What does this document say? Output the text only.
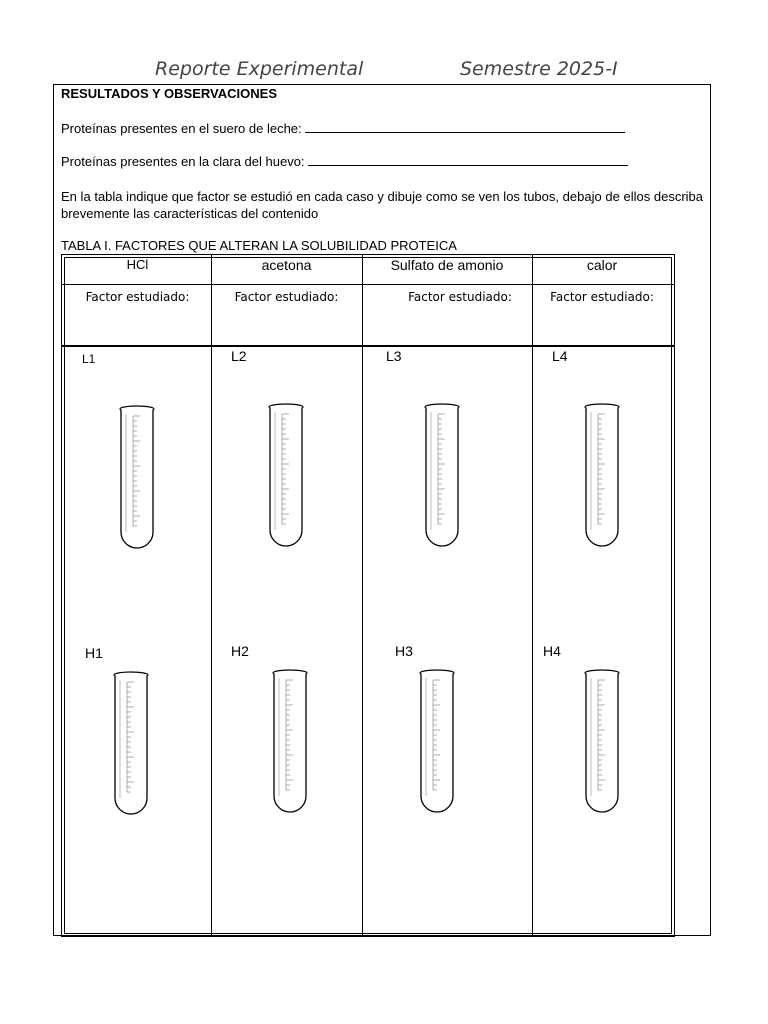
Reporte Experimental	Semestre 2025-I
RESULTADOS Y OBSERVACIONES
Proteínas presentes en el suero de leche:
Proteínas presentes en la clara del huevo:
En la tabla indique que factor se estudió en cada caso y dibuje como se ven los tubos, debajo de ellos describa brevemente las características del contenido
TABLA I. FACTORES QUE ALTERAN LA SOLUBILIDAD PROTEICA
HCl	acetona	Sulfato de amonio	calor
Factor estudiado:	Factor estudiado:	Factor estudiado:	Factor estudiado:
L1	L2	L3	L4
H1	H2	H3	H4
